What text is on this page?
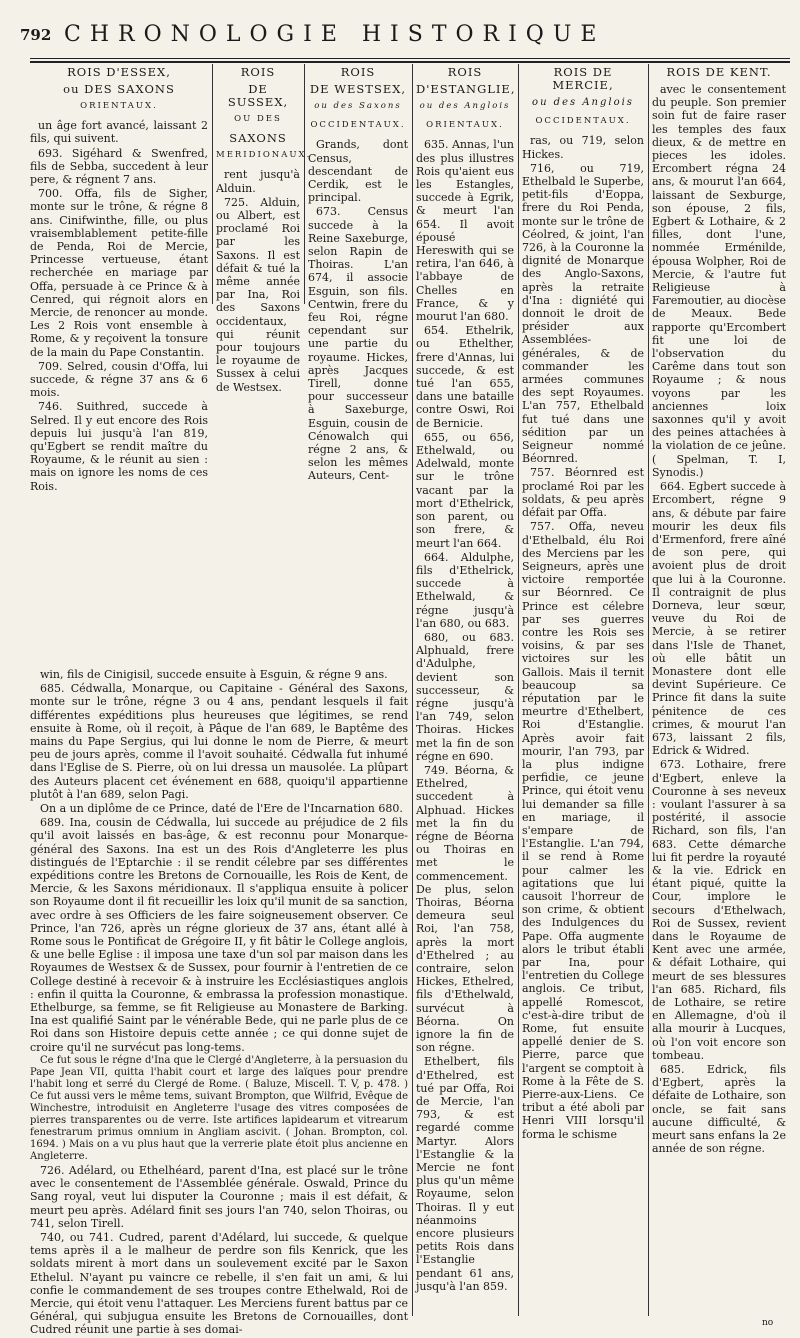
792 CHRONOLOGIE HISTORIQUE
ROIS D'ESSEX,
ou DES SAXONS
ORIENTAUX.

un âge fort avancé, laissant 2 fils, qui suivent.

693. Sigéhard & Swenfred, fils de Sebba, succedent à leur pere, & régnent 7 ans.

700. Offa, fils de Sigher, monte sur le trône, & régne 8 ans. Cinifwinthe, fille, ou plus vraisemblablement petite-fille de Penda, Roi de Mercie, Princesse vertueuse, étant recherchée en mariage par Offa, persuade à ce Prince & à Cenred, qui régnoit alors en Mercie, de renoncer au monde. Les 2 Rois vont ensemble à Rome, & y reçoivent la tonsure de la main du Pape Constantin.

709. Selred, cousin d'Offa, lui succede, & régne 37 ans & 6 mois.

746. Suithred, succede à Selred. Il y eut encore des Rois depuis lui jusqu'à l'an 819, qu'Egbert se rendit maître du Royaume, & le réunit au sien : mais on ignore les noms de ces Rois.

ROIS
DE SUSSEX,
OU DES
SAXONS
MERIDIONAUX.

rent jusqu'à Alduin.

725. Alduin, ou Albert, est proclamé Roi par les Saxons. Il est défait & tué la même année par Ina, Roi des Saxons occidentaux, qui réunit pour toujours le royaume de Sussex à celui de Westsex.

ROIS
DE WESTSEX,
ou des Saxons
OCCIDENTAUX.

Grands, dont Census, descendant de Cerdik, est le principal.

673. Census succede à la Reine Saxeburge, selon Rapin de Thoiras. L'an 674, il associe Esguin, son fils. Centwin, frere du feu Roi, régne cependant sur une partie du royaume. Hickes, après Jacques Tirell, donne pour successeur à Saxeburge, Esguin, cousin de Cénowalch qui régne 2 ans, & selon les mêmes Auteurs, Cent-

win, fils de Cinigisil, succede ensuite à Esguin, & régne 9 ans.

685. Cédwalla, Monarque, ou Capitaine - Général des Saxons, monte sur le trône, régne 3 ou 4 ans, pendant lesquels il fait différentes expéditions plus heureuses que légitimes, se rend ensuite à Rome, où il reçoit, à Pâque de l'an 689, le Baptême des mains du Pape Sergius, qui lui donne le nom de Pierre, & meurt peu de jours après, comme il l'avoit souhaité. Cédwalla fut inhumé dans l'Eglise de S. Pierre, où on lui dressa un mausolée. La plûpart des Auteurs placent cet événement en 688, quoiqu'il appartienne plutôt à l'an 689, selon Pagi.

On a un diplôme de ce Prince, daté de l'Ere de l'Incarnation 680.

689. Ina, cousin de Cédwalla, lui succede au préjudice de 2 fils qu'il avoit laissés en bas-âge, & est reconnu pour Monarque-général des Saxons. Ina est un des Rois d'Angleterre les plus distingués de l'Eptarchie : il se rendit célebre par ses différentes expéditions contre les Bretons de Cornouaille, les Rois de Kent, de Mercie, & les Saxons méridionaux. Il s'appliqua ensuite à policer son Royaume dont il fit recueillir les loix qu'il munit de sa sanction, avec ordre à ses Officiers de les faire soigneusement observer. Ce Prince, l'an 726, après un régne glorieux de 37 ans, étant allé à Rome sous le Pontificat de Grégoire II, y fit bâtir le College anglois, & une belle Eglise : il imposa une taxe d'un sol par maison dans les Royaumes de Westsex & de Sussex, pour fournir à l'entretien de ce College destiné à recevoir & à instruire les Ecclésiastiques anglois : enfin il quitta la Couronne, & embrassa la profession monastique. Ethelburge, sa femme, se fit Religieuse au Monastere de Barking. Ina est qualifié Saint par le vénérable Bede, qui ne parle plus de ce Roi dans son Histoire depuis cette année ; ce qui donne sujet de croire qu'il ne survécut pas long-tems.

Ce fut sous le régne d'Ina que le Clergé d'Angleterre, à la persuasion du Pape Jean VII, quitta l'habit court et large des laïques pour prendre l'habit long et serré du Clergé de Rome. ( Baluze, Miscell. T. V, p. 478. ) Ce fut aussi vers le même tems, suivant Brompton, que Wilfrid, Evêque de Winchestre, introduisit en Angleterre l'usage des vitres composées de pierres transparentes ou de verre. Iste artifices lapidearum et vitrearum fenestrarum primus omnium in Angliam ascivit. ( Johan. Brompton, col. 1694. ) Mais on a vu plus haut que la verrerie plate étoit plus ancienne en Angleterre.

726. Adélard, ou Ethelhéard, parent d'Ina, est placé sur le trône avec le consentement de l'Assemblée générale. Oswald, Prince du Sang royal, veut lui disputer la Couronne ; mais il est défait, & meurt peu après. Adélard finit ses jours l'an 740, selon Thoiras, ou 741, selon Tirell.

740, ou 741. Cudred, parent d'Adélard, lui succede, & quelque tems après il a le malheur de perdre son fils Kenrick, que les soldats mirent à mort dans un soulevement excité par le Saxon Ethelul. N'ayant pu vaincre ce rebelle, il s'en fait un ami, & lui confie le commandement de ses troupes contre Ethelwald, Roi de Mercie, qui étoit venu l'attaquer. Les Merciens furent battus par ce Général, qui subjugua ensuite les Bretons de Cornouailles, dont Cudred réunit une partie à ses domai-

ROIS
D'ESTANGLIE,
ou des Anglois
ORIENTAUX.

635. Annas, l'un des plus illustres Rois qu'aient eus les Estangles, succede à Egrik, & meurt l'an 654. Il avoit épousé Hereswith qui se retira, l'an 646, à l'abbaye de Chelles en France, & y mourut l'an 680.

654. Ethelrik, ou Ethelther, frere d'Annas, lui succede, & est tué l'an 655, dans une bataille contre Oswi, Roi de Bernicie.

655, ou 656, Ethelwald, ou Adelwald, monte sur le trône vacant par la mort d'Ethelrick, son parent, ou son frere, & meurt l'an 664.

664. Aldulphe, fils d'Ethelrick, succede à Ethelwald, & régne jusqu'à l'an 680, ou 683.

680, ou 683. Alphuald, frere d'Adulphe, devient son successeur, & régne jusqu'à l'an 749, selon Thoiras. Hickes met la fin de son régne en 690.

749. Béorna, & Ethelred, succedent à Alphuad. Hickes met la fin du régne de Béorna ou Thoiras en met le commencement. De plus, selon Thoiras, Béorna demeura seul Roi, l'an 758, après la mort d'Ethelred ; au contraire, selon Hickes, Ethelred, fils d'Ethelwald, survécut à Béorna. On ignore la fin de son régne.

Ethelbert, fils d'Ethelred, est tué par Offa, Roi de Mercie, l'an 793, & est regardé comme Martyr. Alors l'Estanglie & la Mercie ne font plus qu'un même Royaume, selon Thoiras. Il y eut néanmoins encore plusieurs petits Rois dans l'Estanglie pendant 61 ans, jusqu'à l'an 859.

ROIS DE MERCIE,
ou des Anglois
OCCIDENTAUX.

ras, ou 719, selon Hickes.

716, ou 719, Ethelbald le Superbe, petit-fils d'Eoppa, frere du Roi Penda, monte sur le trône de Céolred, & joint, l'an 726, à la Couronne la dignité de Monarque des Anglo-Saxons, après la retraite d'Ina : digniété qui donnoit le droit de présider aux Assemblées-générales, & de commander les armées communes des sept Royaumes. L'an 757, Ethelbald fut tué dans une sédition par un Seigneur nommé Béornred.

757. Béornred est proclamé Roi par les soldats, & peu après défait par Offa.

757. Offa, neveu d'Ethelbald, élu Roi des Merciens par les Seigneurs, après une victoire remportée sur Béornred. Ce Prince est célebre par ses guerres contre les Rois ses voisins, & par ses victoires sur les Gallois. Mais il ternit beaucoup sa réputation par le meurtre d'Ethelbert, Roi d'Estanglie. Après avoir fait mourir, l'an 793, par la plus indigne perfidie, ce jeune Prince, qui étoit venu lui demander sa fille en mariage, il s'empare de l'Estanglie. L'an 794, il se rend à Rome pour calmer les agitations que lui causoit l'horreur de son crime, & obtient des Indulgences du Pape. Offa augmente alors le tribut établi par Ina, pour l'entretien du College anglois. Ce tribut, appellé Romescot, c'est-à-dire tribut de Rome, fut ensuite appellé denier de S. Pierre, parce que l'argent se comptoit à Rome à la Fête de S. Pierre-aux-Liens. Ce tribut a été aboli par Henri VIII lorsqu'il forma le schisme

ROIS DE KENT.

avec le consentement du peuple. Son premier soin fut de faire raser les temples des faux dieux, & de mettre en pieces les idoles. Ercombert régna 24 ans, & mourut l'an 664, laissant de Sexburge, son épouse, 2 fils, Egbert & Lothaire, & 2 filles, dont l'une, nommée Erménilde, épousa Wolpher, Roi de Mercie, & l'autre fut Religieuse à Faremoutier, au diocèse de Meaux. Bede rapporte qu'Ercombert fit une loi de l'observation du Carême dans tout son Royaume ; & nous voyons par les anciennes loix saxonnes qu'il y avoit des peines attachées à la violation de ce jeûne. ( Spelman, T. I, Synodis.)

664. Egbert succede à Ercombert, régne 9 ans, & débute par faire mourir les deux fils d'Ermenford, frere aîné de son pere, qui avoient plus de droit que lui à la Couronne. Il contraignit de plus Dorneva, leur sœur, veuve du Roi de Mercie, à se retirer dans l'Isle de Thanet, où elle bâtit un Monastere dont elle devint Supérieure. Ce Prince fit dans la suite pénitence de ces crimes, & mourut l'an 673, laissant 2 fils, Edrick & Widred.

673. Lothaire, frere d'Egbert, enleve la Couronne à ses neveux : voulant l'assurer à sa postérité, il associe Richard, son fils, l'an 683. Cette démarche lui fit perdre la royauté & la vie. Edrick en étant piqué, quitte la Cour, implore le secours d'Ethelwach, Roi de Sussex, revient dans le Royaume de Kent avec une armée, & défait Lothaire, qui meurt de ses blessures l'an 685. Richard, fils de Lothaire, se retire en Allemagne, d'où il alla mourir à Lucques, où l'on voit encore son tombeau.

685. Edrick, fils d'Egbert, après la défaite de Lothaire, son oncle, se fait sans aucune difficulté, & meurt sans enfans la 2e année de son régne.

no
